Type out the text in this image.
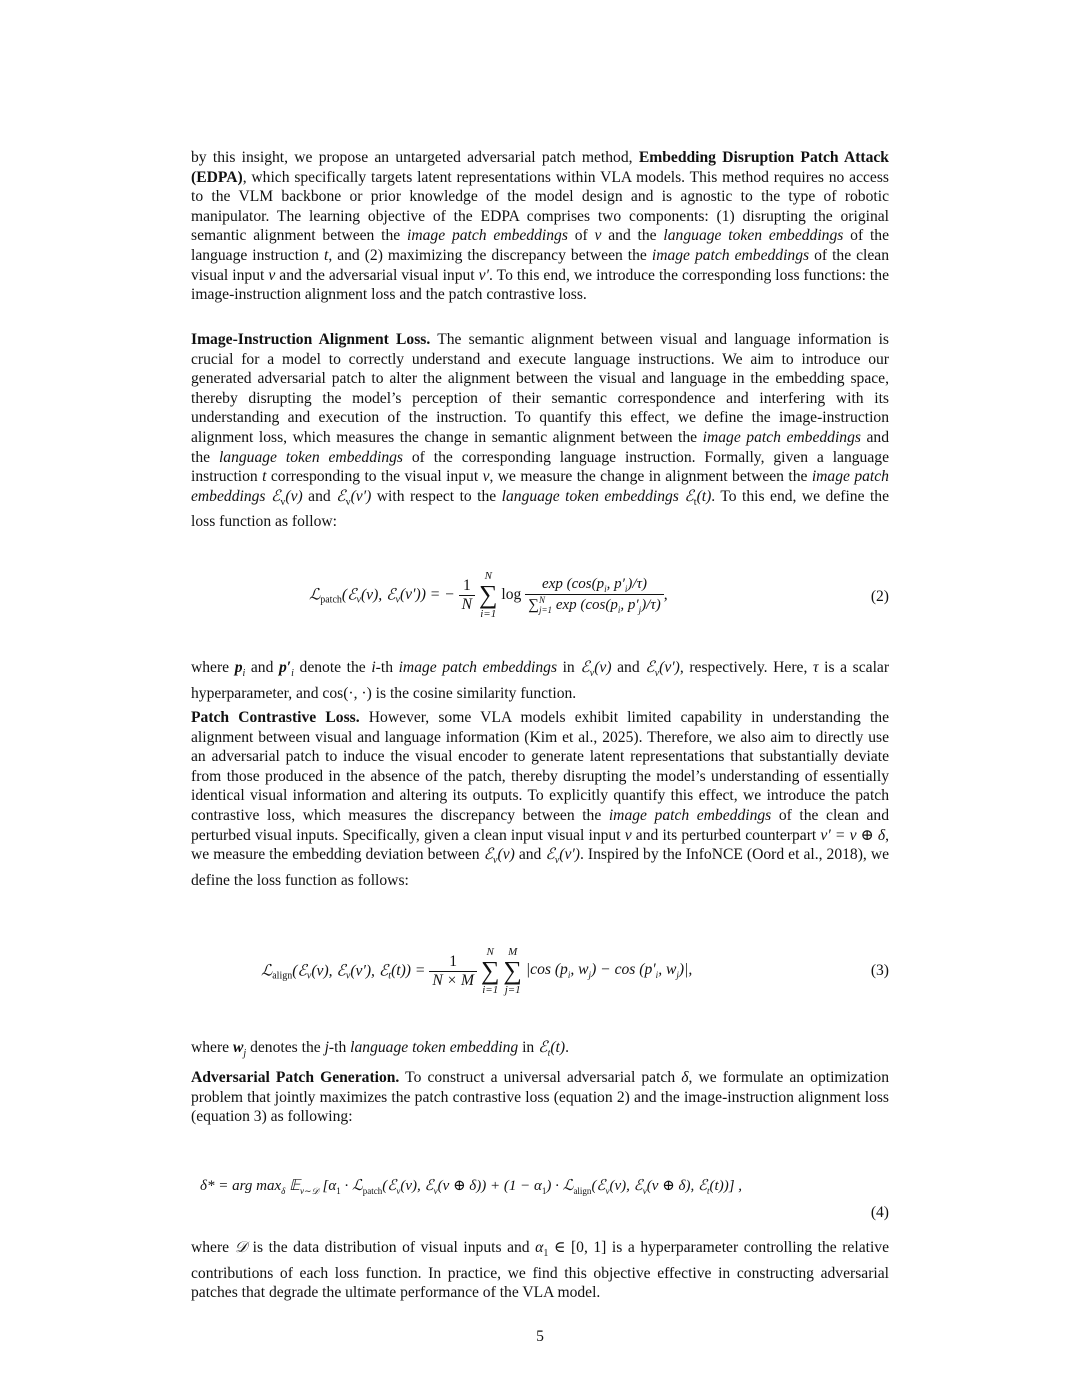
by this insight, we propose an untargeted adversarial patch method, Embedding Disruption Patch Attack (EDPA), which specifically targets latent representations within VLA models. This method requires no access to the VLM backbone or prior knowledge of the model design and is agnostic to the type of robotic manipulator. The learning objective of the EDPA comprises two components: (1) disrupting the original semantic alignment between the image patch embeddings of v and the language token embeddings of the language instruction t, and (2) maximizing the discrepancy between the image patch embeddings of the clean visual input v and the adversarial visual input v′. To this end, we introduce the corresponding loss functions: the image-instruction alignment loss and the patch contrastive loss.

Image-Instruction Alignment Loss. The semantic alignment between visual and language information is crucial for a model to correctly understand and execute language instructions. We aim to introduce our generated adversarial patch to alter the alignment between the visual and language in the embedding space, thereby disrupting the model’s perception of their semantic correspondence and interfering with its understanding and execution of the instruction. To quantify this effect, we define the image-instruction alignment loss, which measures the change in semantic alignment between the image patch embeddings and the language token embeddings of the corresponding language instruction. Formally, given a language instruction t corresponding to the visual input v, we measure the change in alignment between the image patch embeddings ℰ$_v$(v) and ℰ$_v$(v′) with respect to the language token embeddings ℰ$_t$(t). To this end, we define the loss function as follow:

ℒ$_{patch}$(ℰ$_v$(v), ℰ$_v$(v′)) = − $\frac{1}{N}$

N
∑
i=1
$\log \frac{\exp (\cos(p_i, p'_i)/\tau)}{\sum^N_{j=1} \exp (\cos(p_i, p'_j)/\tau)}$ ,	(2)

where $p_i$ and $p'_i$ denote the i-th image patch embeddings in ℰ$_v$(v) and ℰ$_v$(v′), respectively. Here, τ is a scalar hyperparameter, and cos(·, ·) is the cosine similarity function.

Patch Contrastive Loss. However, some VLA models exhibit limited capability in understanding the alignment between visual and language information (Kim et al., 2025). Therefore, we also aim to directly use an adversarial patch to induce the visual encoder to generate latent representations that substantially deviate from those produced in the absence of the patch, thereby disrupting the model’s understanding of essentially identical visual information and altering its outputs. To explicitly quantify this effect, we introduce the patch contrastive loss, which measures the discrepancy between the image patch embeddings of the clean and perturbed visual inputs. Specifically, given a clean input visual input v and its perturbed counterpart v′ = v ⊕ δ, we measure the embedding deviation between ℰ$_v$(v) and ℰ$_v$(v′). Inspired by the InfoNCE (Oord et al., 2018), we define the loss function as follows:

ℒ$_{align}$(ℰ$_v$(v), ℰ$_v$(v′), ℰ$_t$(t)) = $\frac{1}{N \times M}$

N
∑
i=1

M
∑
j=1
|cos ($p_i$, $w_j) - \cos (p'_i$, $w_j)|$,	(3)

where $w_j$ denotes the j-th language token embedding in ℰ$_t$(t).

Adversarial Patch Generation. To construct a universal adversarial patch δ, we formulate an optimization problem that jointly maximizes the patch contrastive loss (equation 2) and the image-instruction alignment loss (equation 3) as following:

δ* = arg $\max_\delta$ 𝔼$_{v\sim 𝒟}$ [$\alpha_1$ · ℒ$_{patch}$(ℰ$_v$(v), ℰ$_v$(v ⊕ $\delta)) + (1 - \alpha_1)$ · ℒ$_{align}$(ℰ$_v$(v), ℰ$_v$(v ⊕ δ), ℰ$_t$(t))] ,
(4)

where 𝒟 is the data distribution of visual inputs and $\alpha_1$ ∈ [0, 1] is a hyperparameter controlling the relative contributions of each loss function. In practice, we find this objective effective in constructing adversarial patches that degrade the ultimate performance of the VLA model.

5
